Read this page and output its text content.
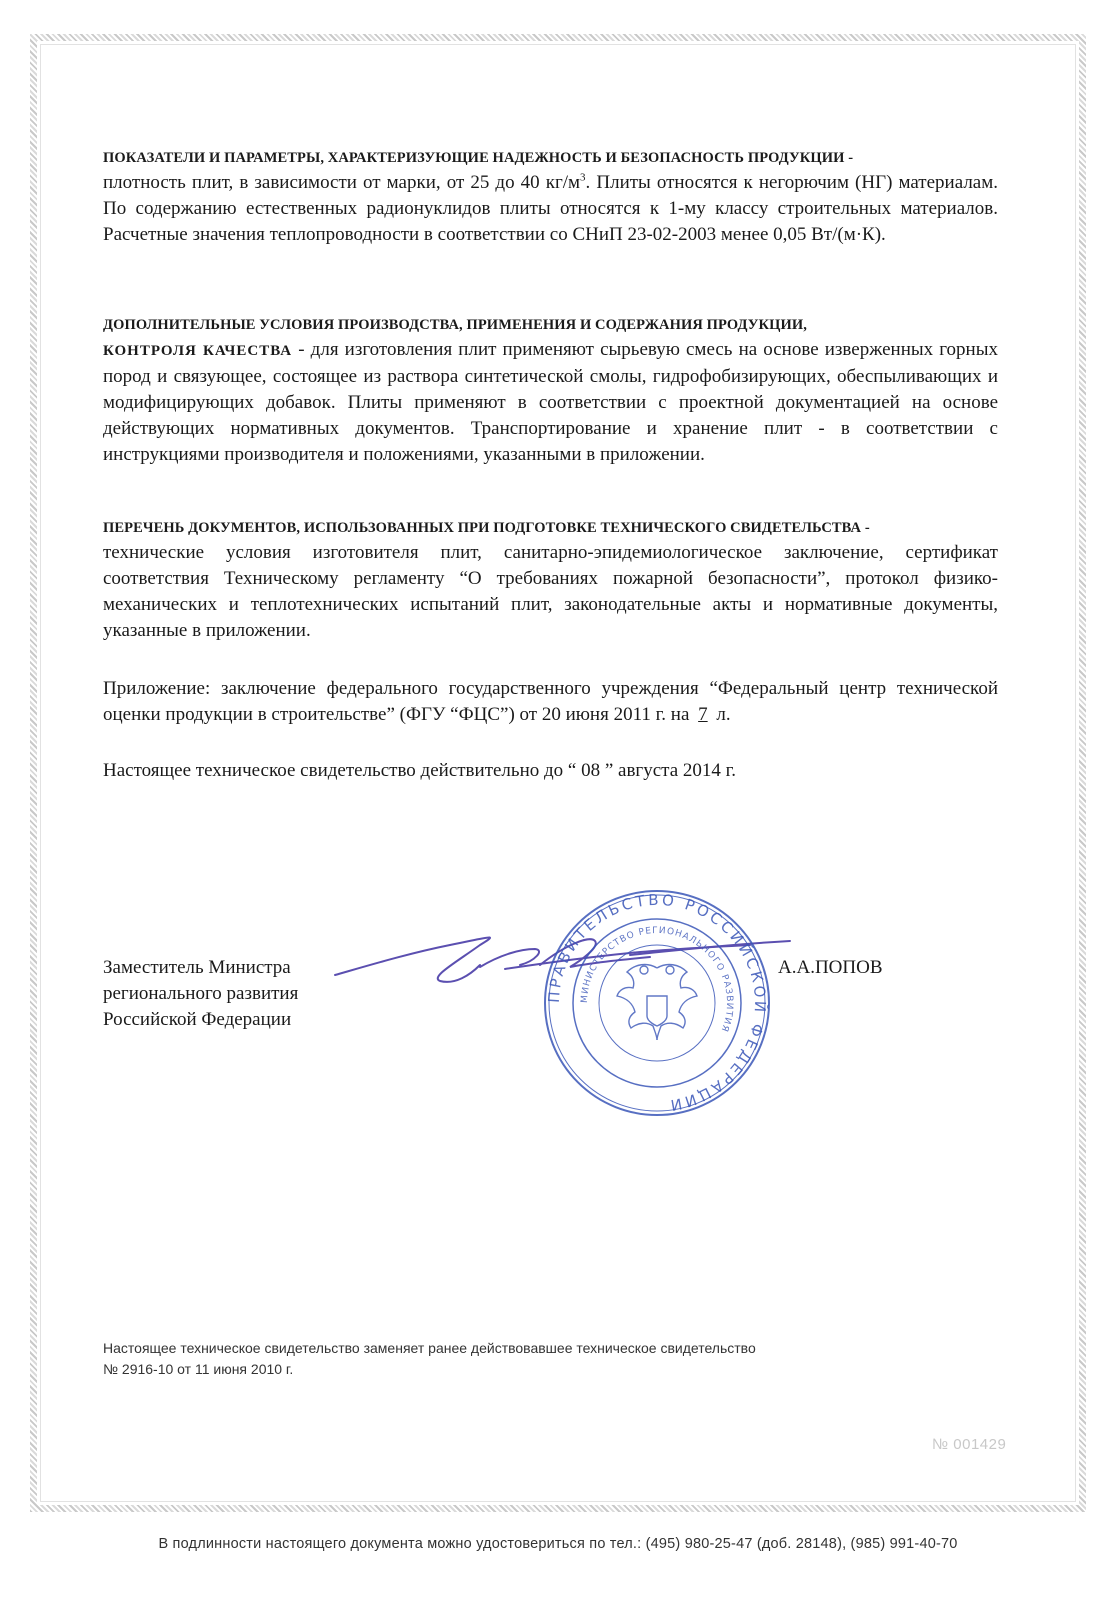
ПОКАЗАТЕЛИ И ПАРАМЕТРЫ, ХАРАКТЕРИЗУЮЩИЕ НАДЕЖНОСТЬ И БЕЗОПАСНОСТЬ ПРОДУКЦИИ -
плотность плит, в зависимости от марки, от 25 до 40 $кг/м^3$. Плиты относятся к негорючим (НГ) материалам. По содержанию естественных радионуклидов плиты относятся к 1-му классу строительных материалов. Расчетные значения теплопроводности в соответствии со СНиП 23-02-2003 менее 0,05 Вт/(м·К).
ДОПОЛНИТЕЛЬНЫЕ УСЛОВИЯ ПРОИЗВОДСТВА, ПРИМЕНЕНИЯ И СОДЕРЖАНИЯ ПРОДУКЦИИ,
КОНТРОЛЯ КАЧЕСТВА - для изготовления плит применяют сырьевую смесь на основе изверженных горных пород и связующее, состоящее из раствора синтетической смолы, гидрофобизирующих, обеспыливающих и модифицирующих добавок. Плиты применяют в соответствии с проектной документацией на основе действующих нормативных документов. Транспортирование и хранение плит - в соответствии с инструкциями производителя и положениями, указанными в приложении.
ПЕРЕЧЕНЬ ДОКУМЕНТОВ, ИСПОЛЬЗОВАННЫХ ПРИ ПОДГОТОВКЕ ТЕХНИЧЕСКОГО СВИДЕТЕЛЬСТВА -
технические условия изготовителя плит, санитарно-эпидемиологическое заключение, сертификат соответствия Техническому регламенту “О требованиях пожарной безопасности”, протокол физико-механических и теплотехнических испытаний плит, законодательные акты и нормативные документы, указанные в приложении.
Приложение: заключение федерального государственного учреждения “Федеральный центр технической оценки продукции в строительстве” (ФГУ “ФЦС”) от 20 июня 2011 г. на 7 л.
Настоящее техническое свидетельство действительно до “ 08 ” августа 2014 г.
ПРАВИТЕЛЬСТВО РОССИЙСКОЙ ФЕДЕРАЦИИ
МИНИСТЕРСТВО РЕГИОНАЛЬНОГО РАЗВИТИЯ
Заместитель Министра
регионального развития
Российской Федерации
А.А.ПОПОВ
Настоящее техническое свидетельство заменяет ранее действовавшее техническое свидетельство
№ 2916-10 от 11 июня 2010 г.
№ 001429
В подлинности настоящего документа можно удостовериться по тел.: (495) 980-25-47 (доб. 28148), (985) 991-40-70
